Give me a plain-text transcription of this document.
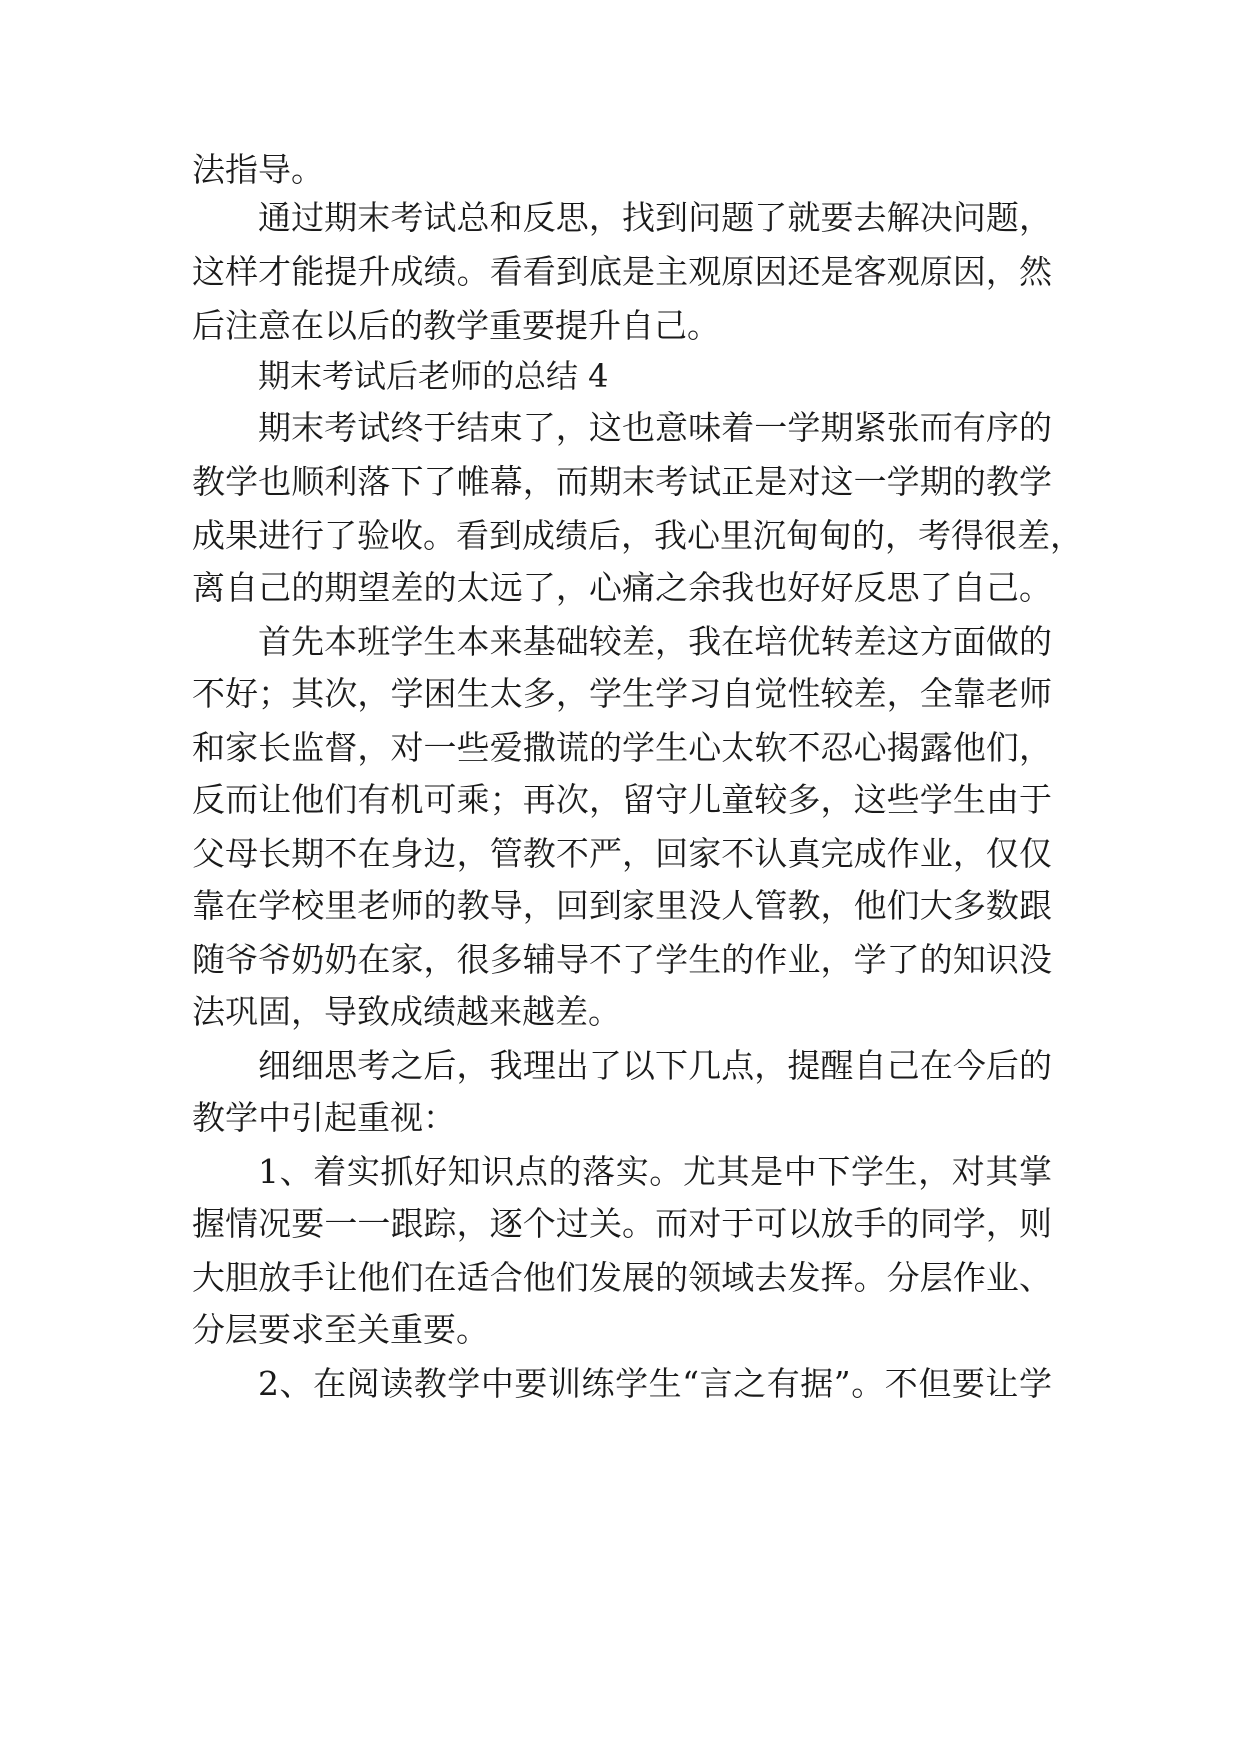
法指导。
通过期末考试总和反思，找到问题了就要去解决问题，
这样才能提升成绩。看看到底是主观原因还是客观原因，然
后注意在以后的教学重要提升自己。
期末考试后老师的总结 4
期末考试终于结束了，这也意味着一学期紧张而有序的
教学也顺利落下了帷幕，而期末考试正是对这一学期的教学
成果进行了验收。看到成绩后，我心里沉甸甸的，考得很差，
离自己的期望差的太远了，心痛之余我也好好反思了自己。
首先本班学生本来基础较差，我在培优转差这方面做的
不好；其次，学困生太多，学生学习自觉性较差，全靠老师
和家长监督，对一些爱撒谎的学生心太软不忍心揭露他们，
反而让他们有机可乘；再次，留守儿童较多，这些学生由于
父母长期不在身边，管教不严，回家不认真完成作业，仅仅
靠在学校里老师的教导，回到家里没人管教，他们大多数跟
随爷爷奶奶在家，很多辅导不了学生的作业，学了的知识没
法巩固，导致成绩越来越差。
细细思考之后，我理出了以下几点，提醒自己在今后的
教学中引起重视：
1、着实抓好知识点的落实。尤其是中下学生，对其掌
握情况要一一跟踪，逐个过关。而对于可以放手的同学，则
大胆放手让他们在适合他们发展的领域去发挥。分层作业、
分层要求至关重要。
2、在阅读教学中要训练学生“言之有据”。不但要让学
